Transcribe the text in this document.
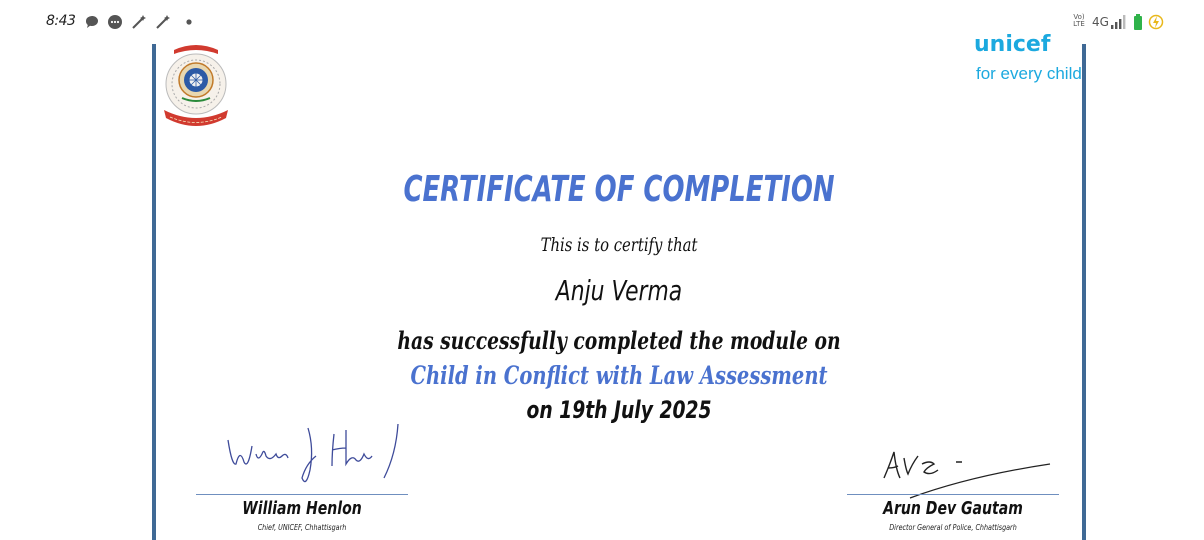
8:43	Vo)
LTE 4G
unicef
for every child
CERTIFICATE OF COMPLETION
This is to certify that
Anju Verma
has successfully completed the module on
Child in Conflict with Law Assessment
on 19th July 2025
William Henlon
Chief, UNICEF, Chhattisgarh
Arun Dev Gautam
Director General of Police, Chhattisgarh
